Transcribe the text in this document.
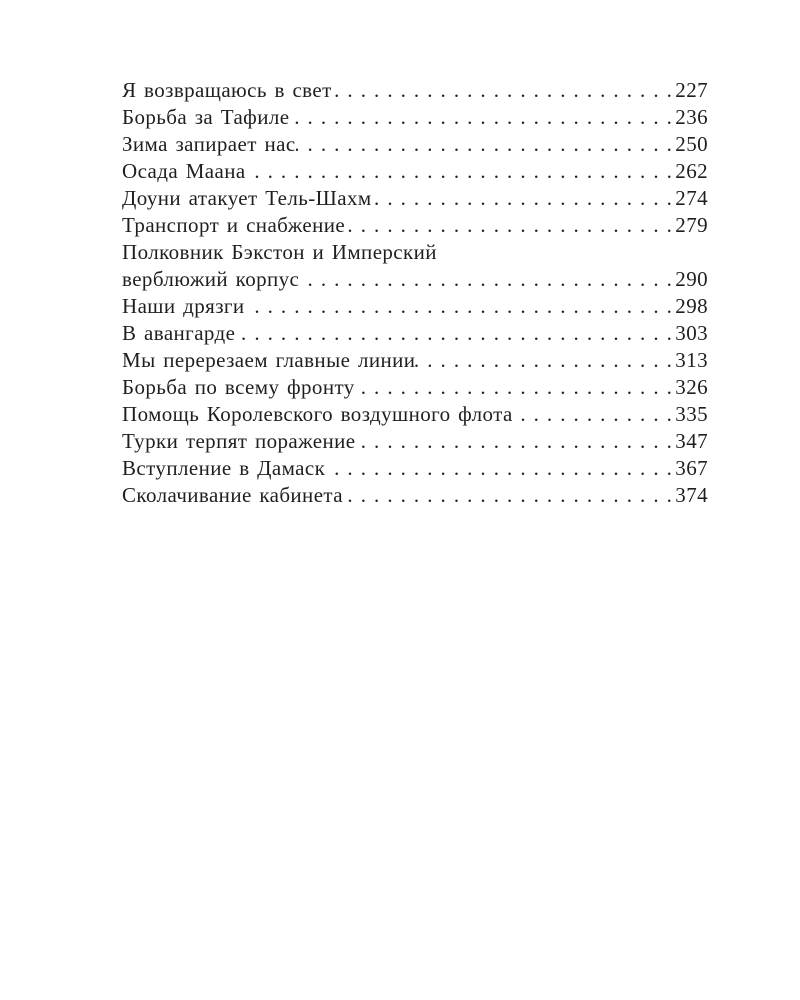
Я возвращаюсь в свет . . .	227
Борьба за Тафиле . . .	236
Зима запирает нас . . .	250
Осада Маана . . .	262
Доуни атакует Тель-Шахм . . .	274
Транспорт и снабжение . . .	279
Полковник Бэкстон и Имперский
верблюжий корпус . . .	290
Наши дрязги . . .	298
В авангарде . . .	303
Мы перерезаем главные линии . . .	313
Борьба по всему фронту . . .	326
Помощь Королевского воздушного флота . . .	335
Турки терпят поражение . . .	347
Вступление в Дамаск . . .	367
Сколачивание кабинета . . .	374
